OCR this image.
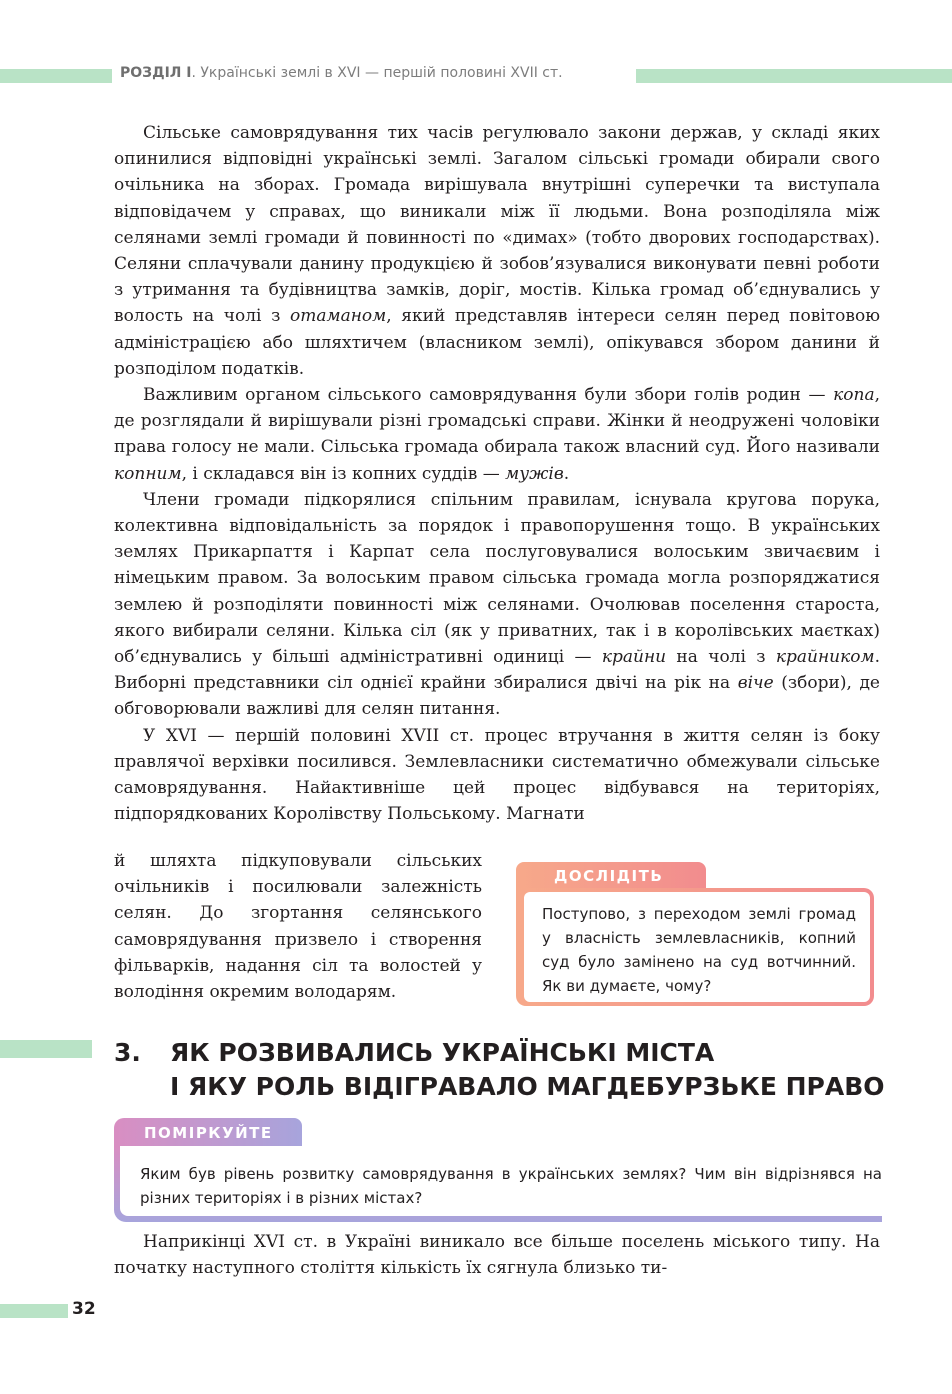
РОЗДІЛ І. Українські землі в XVI — першій половині XVII ст.

Сільське самоврядування тих часів регулювало закони держав, у складі яких опинилися відповідні українські землі. Загалом сільські громади обирали свого очільника на зборах. Громада вирішувала внутрішні суперечки та виступала відповідачем у справах, що виникали між її людьми. Вона розподіляла між селянами землі громади й повинності по «димах» (тобто дворових господарствах). Селяни сплачували данину продукцією й зобов’язувалися виконувати певні роботи з утримання та будівництва замків, доріг, мостів. Кілька громад об’єднувались у волость на чолі з отаманом, який представляв інтереси селян перед повітовою адміністрацією або шляхтичем (власником землі), опікувався збором данини й розподілом податків.

Важливим органом сільського самоврядування були збори голів родин — копа, де розглядали й вирішували різні громадські справи. Жінки й неодружені чоловіки права голосу не мали. Сільська громада обирала також власний суд. Його називали копним, і складався він із копних суддів — мужів.

Члени громади підкорялися спільним правилам, існувала кругова порука, колективна відповідальність за порядок і правопорушення тощо. В українських землях Прикарпаття і Карпат села послуговувалися волоським звичаєвим і німецьким правом. За волоським правом сільська громада могла розпоряджатися землею й розподіляти повинності між селянами. Очолював поселення староста, якого вибирали селяни. Кілька сіл (як у приватних, так і в королівських маєтках) об’єднувались у більші адміністративні одиниці — крайни на чолі з крайником. Виборні представники сіл однієї крайни збиралися двічі на рік на віче (збори), де обговорювали важливі для селян питання.

У XVI — першій половині XVII ст. процес втручання в життя селян із боку правлячої верхівки посилився. Землевласники систематично обмежували сільське самоврядування. Найактивніше цей процес відбувався на територіях, підпорядкованих Королівству Польському. Магнати

й шляхта підкуповували сільських очільників і посилювали залежність селян. До згортання селянського самоврядування призвело і створення фільварків, надання сіл та волостей у володіння окремим володарям.
ДОСЛІДІТЬ
Поступово, з переходом землі громад у власність землевласників, копний суд було замінено на суд вотчинний. Як ви думаєте, чому?
3. ЯК РОЗВИВАЛИСЬ УКРАЇНСЬКІ МІСТА
І ЯКУ РОЛЬ ВІДІГРАВАЛО МАГДЕБУРЗЬКЕ ПРАВО
ПОМІРКУЙТЕ
Яким був рівень розвитку самоврядування в українських землях? Чим він відрізнявся на різних територіях і в різних містах?

Наприкінці XVI ст. в Україні виникало все більше поселень міського типу. На початку наступного століття кількість їх сягнула близько ти-

32
